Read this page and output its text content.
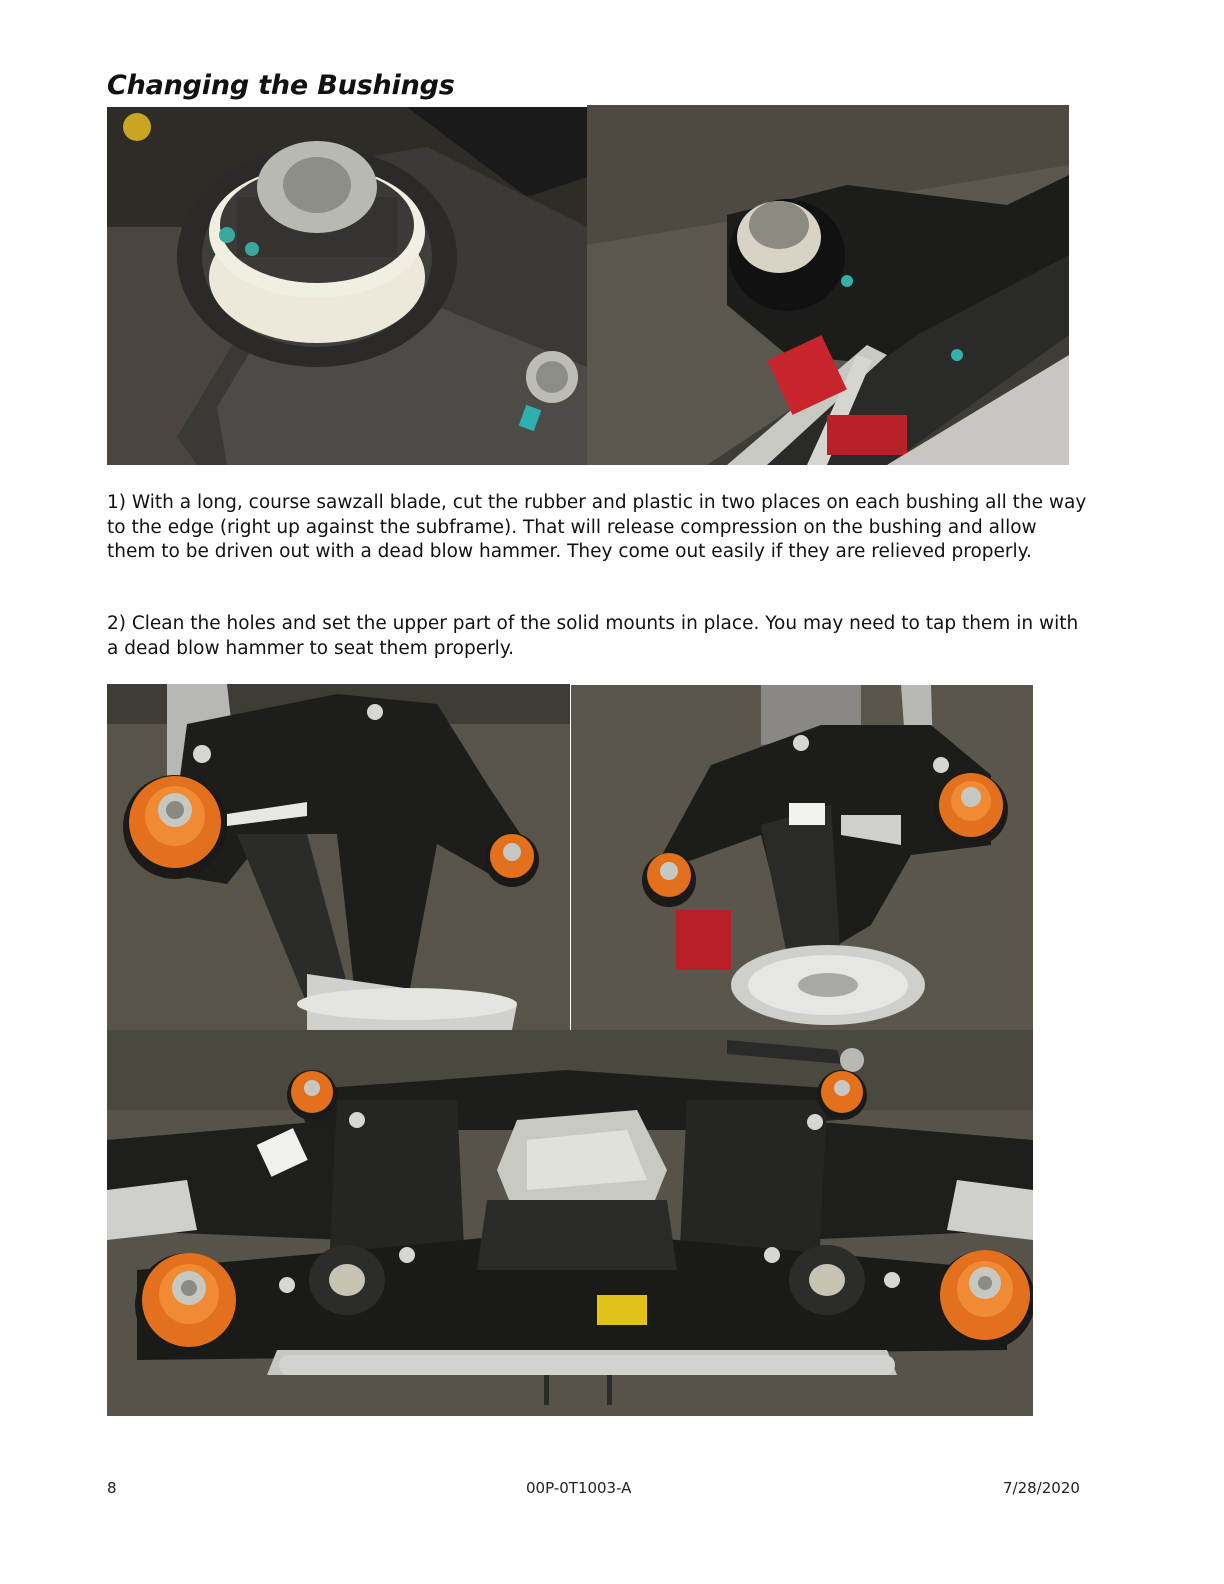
Changing the Bushings

1) With a long, course sawzall blade, cut the rubber and plastic in two places on each bushing all the way to the edge (right up against the subframe). That will release compression on the bushing and allow them to be driven out with a dead blow hammer. They come out easily if they are relieved properly.

2) Clean the holes and set the upper part of the solid mounts in place. You may need to tap them in with a dead blow hammer to seat them properly.

8	00P-0T1003-A	7/28/2020
